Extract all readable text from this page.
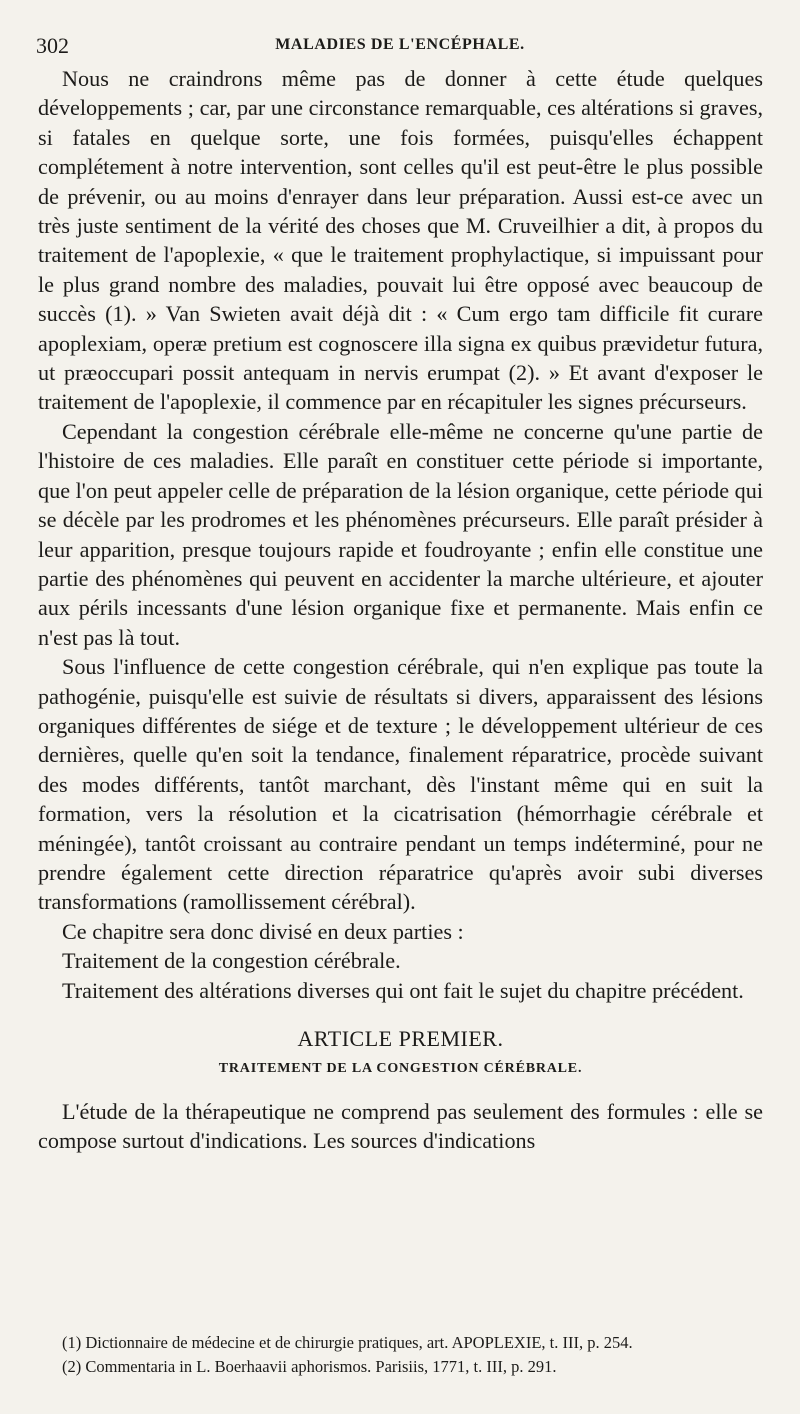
302	MALADIES DE L'ENCÉPHALE.

Nous ne craindrons même pas de donner à cette étude quelques développements ; car, par une circonstance remarquable, ces altérations si graves, si fatales en quelque sorte, une fois formées, puisqu'elles échappent complétement à notre intervention, sont celles qu'il est peut-être le plus possible de prévenir, ou au moins d'enrayer dans leur préparation. Aussi est-ce avec un très juste sentiment de la vérité des choses que M. Cruveilhier a dit, à propos du traitement de l'apoplexie, « que le traitement prophylactique, si impuissant pour le plus grand nombre des maladies, pouvait lui être opposé avec beaucoup de succès (1). » Van Swieten avait déjà dit : « Cum ergo tam difficile fit curare apoplexiam, operæ pretium est cognoscere illa signa ex quibus prævidetur futura, ut præoccupari possit antequam in nervis erumpat (2). » Et avant d'exposer le traitement de l'apoplexie, il commence par en récapituler les signes précurseurs.

Cependant la congestion cérébrale elle-même ne concerne qu'une partie de l'histoire de ces maladies. Elle paraît en constituer cette période si importante, que l'on peut appeler celle de préparation de la lésion organique, cette période qui se décèle par les prodromes et les phénomènes précurseurs. Elle paraît présider à leur apparition, presque toujours rapide et foudroyante ; enfin elle constitue une partie des phénomènes qui peuvent en accidenter la marche ultérieure, et ajouter aux périls incessants d'une lésion organique fixe et permanente. Mais enfin ce n'est pas là tout.

Sous l'influence de cette congestion cérébrale, qui n'en explique pas toute la pathogénie, puisqu'elle est suivie de résultats si divers, apparaissent des lésions organiques différentes de siége et de texture ; le développement ultérieur de ces dernières, quelle qu'en soit la tendance, finalement réparatrice, procède suivant des modes différents, tantôt marchant, dès l'instant même qui en suit la formation, vers la résolution et la cicatrisation (hémorrhagie cérébrale et méningée), tantôt croissant au contraire pendant un temps indéterminé, pour ne prendre également cette direction réparatrice qu'après avoir subi diverses transformations (ramollissement cérébral).

Ce chapitre sera donc divisé en deux parties :

Traitement de la congestion cérébrale.

Traitement des altérations diverses qui ont fait le sujet du chapitre précédent.

ARTICLE PREMIER.
TRAITEMENT DE LA CONGESTION CÉRÉBRALE.

L'étude de la thérapeutique ne comprend pas seulement des formules : elle se compose surtout d'indications. Les sources d'indications

(1) Dictionnaire de médecine et de chirurgie pratiques, art. APOPLEXIE, t. III, p. 254.
(2) Commentaria in L. Boerhaavii aphorismos. Parisiis, 1771, t. III, p. 291.
